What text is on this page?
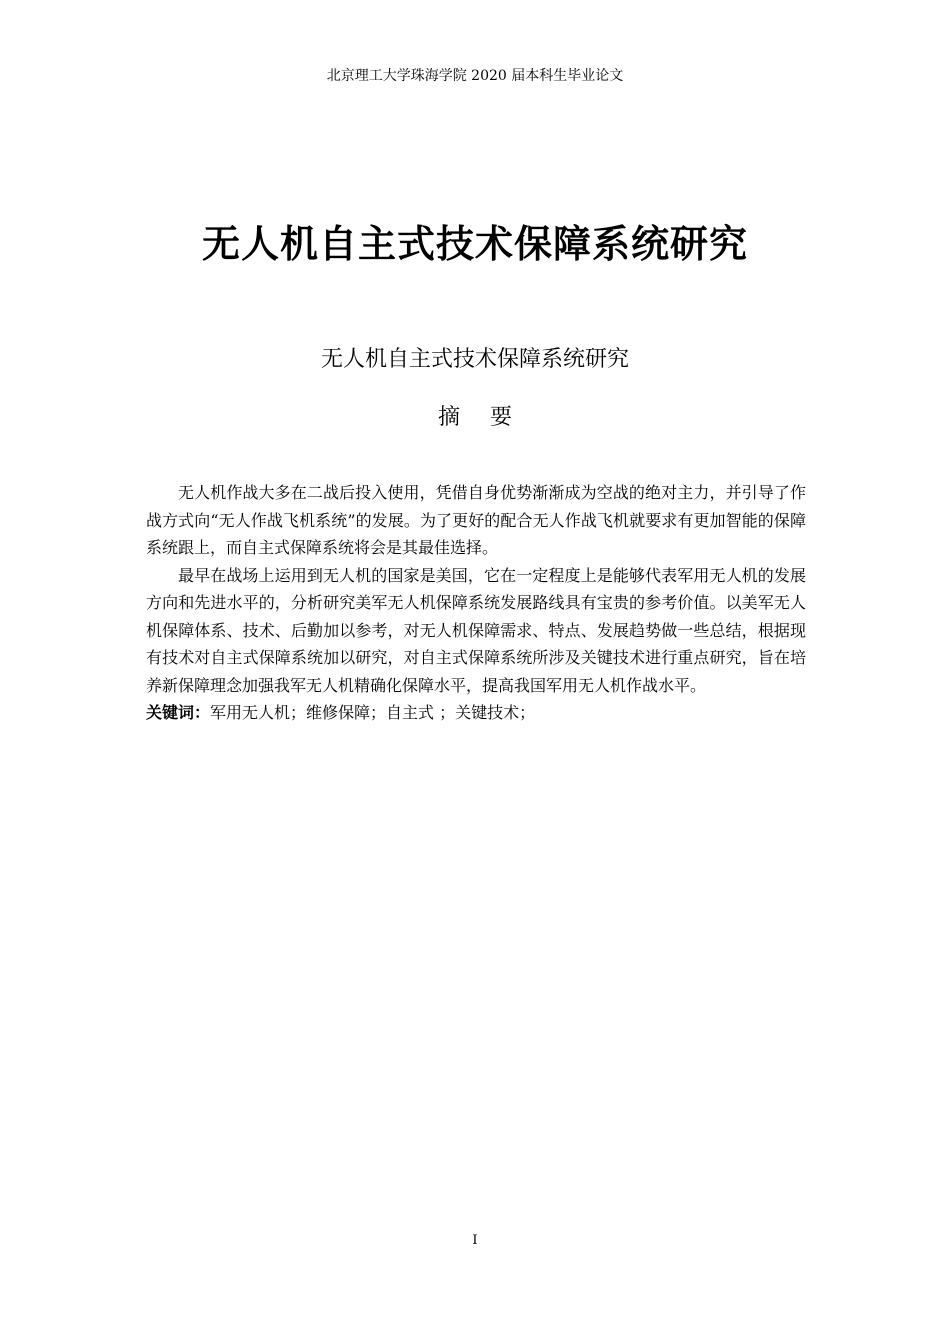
北京理工大学珠海学院 2020 届本科生毕业论文
无人机自主式技术保障系统研究
无人机自主式技术保障系统研究
摘要

无人机作战大多在二战后投入使用，凭借自身优势渐渐成为空战的绝对主力，并引导了作战方式向“无人作战飞机系统”的发展。为了更好的配合无人作战飞机就要求有更加智能的保障系统跟上，而自主式保障系统将会是其最佳选择。

最早在战场上运用到无人机的国家是美国，它在一定程度上是能够代表军用无人机的发展方向和先进水平的，分析研究美军无人机保障系统发展路线具有宝贵的参考价值。以美军无人机保障体系、技术、后勤加以参考，对无人机保障需求、特点、发展趋势做一些总结，根据现有技术对自主式保障系统加以研究，对自主式保障系统所涉及关键技术进行重点研究，旨在培养新保障理念加强我军无人机精确化保障水平，提高我国军用无人机作战水平。

关键词：军用无人机；维修保障；自主式 ；关键技术；
I
